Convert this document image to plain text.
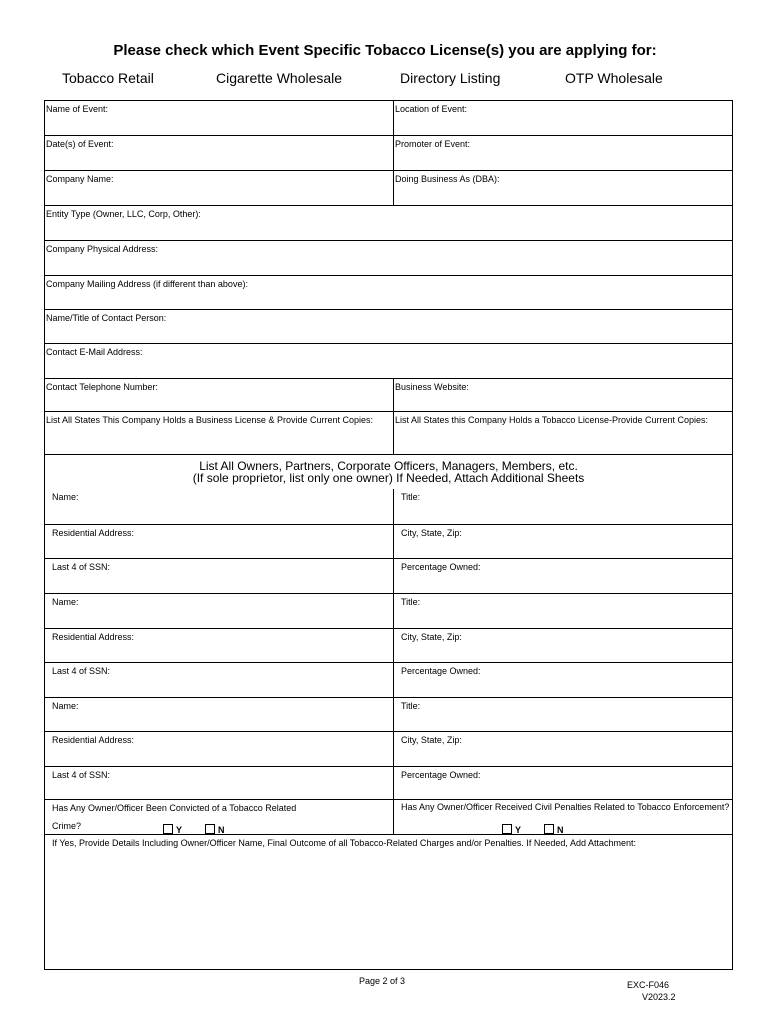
Please check which Event Specific Tobacco License(s) you are applying for:
Tobacco Retail	Cigarette Wholesale	Directory Listing	OTP Wholesale
Name of Event:	Location of Event:
Date(s) of Event:	Promoter of Event:
Company Name:	Doing Business As (DBA):
Entity Type (Owner, LLC, Corp, Other):
Company Physical Address:
Company Mailing Address (if different than above):
Name/Title of Contact Person:
Contact E-Mail Address:
Contact Telephone Number:	Business Website:
List All States This Company Holds a Business License & Provide Current Copies:	List All States this Company Holds a Tobacco License-Provide Current Copies:
List All Owners, Partners, Corporate Officers, Managers, Members, etc.
(If sole proprietor, list only one owner) If Needed, Attach Additional Sheets
Name:	Title:
Residential Address:	City, State, Zip:
Last 4 of SSN:	Percentage Owned:
Name:	Title:
Residential Address:	City, State, Zip:
Last 4 of SSN:	Percentage Owned:
Name:	Title:
Residential Address:	City, State, Zip:
Last 4 of SSN:	Percentage Owned:
Has Any Owner/Officer Been Convicted of a Tobacco Related
Crime?	Y	N
Has Any Owner/Officer Received Civil Penalties Related to Tobacco Enforcement?
Y	N
If Yes, Provide Details Including Owner/Officer Name, Final Outcome of all Tobacco-Related Charges and/or Penalties. If Needed, Add Attachment:
Page 2 of 3	EXC-F046
V2023.2
